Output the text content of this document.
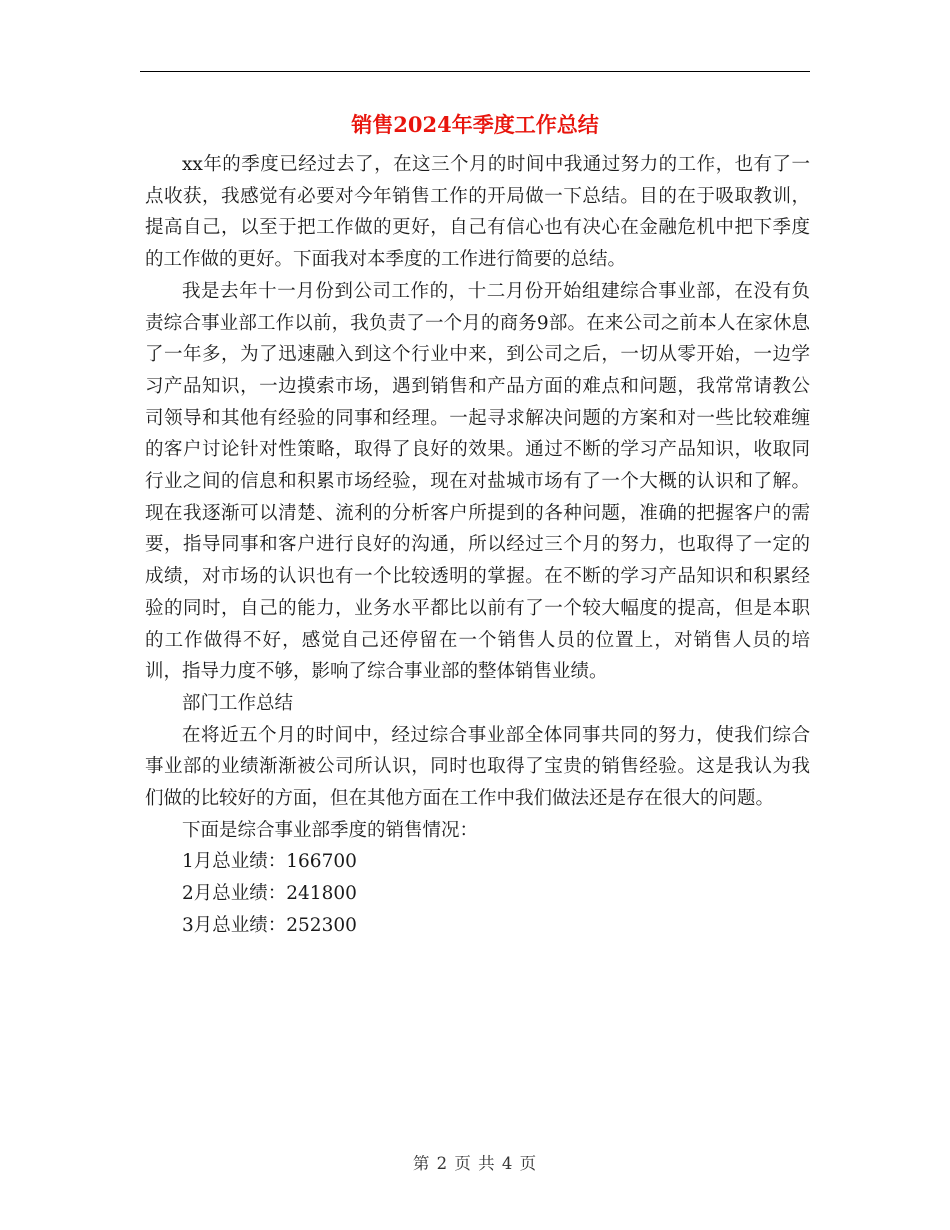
销售2024年季度工作总结

xx年的季度已经过去了，在这三个月的时间中我通过努力的工作，也有了一点收获，我感觉有必要对今年销售工作的开局做一下总结。目的在于吸取教训，提高自己，以至于把工作做的更好，自己有信心也有决心在金融危机中把下季度的工作做的更好。下面我对本季度的工作进行简要的总结。

我是去年十一月份到公司工作的，十二月份开始组建综合事业部，在没有负责综合事业部工作以前，我负责了一个月的商务9部。在来公司之前本人在家休息了一年多，为了迅速融入到这个行业中来，到公司之后，一切从零开始，一边学习产品知识，一边摸索市场，遇到销售和产品方面的难点和问题，我常常请教公司领导和其他有经验的同事和经理。一起寻求解决问题的方案和对一些比较难缠的客户讨论针对性策略，取得了良好的效果。通过不断的学习产品知识，收取同行业之间的信息和积累市场经验，现在对盐城市场有了一个大概的认识和了解。现在我逐渐可以清楚、流利的分析客户所提到的各种问题，准确的把握客户的需要，指导同事和客户进行良好的沟通，所以经过三个月的努力，也取得了一定的成绩，对市场的认识也有一个比较透明的掌握。在不断的学习产品知识和积累经验的同时，自己的能力，业务水平都比以前有了一个较大幅度的提高，但是本职的工作做得不好，感觉自己还停留在一个销售人员的位置上，对销售人员的培训，指导力度不够，影响了综合事业部的整体销售业绩。

部门工作总结

在将近五个月的时间中，经过综合事业部全体同事共同的努力，使我们综合事业部的业绩渐渐被公司所认识，同时也取得了宝贵的销售经验。这是我认为我们做的比较好的方面，但在其他方面在工作中我们做法还是存在很大的问题。

下面是综合事业部季度的销售情况：

1月总业绩：166700

2月总业绩：241800

3月总业绩：252300

第 2 页 共 4 页
